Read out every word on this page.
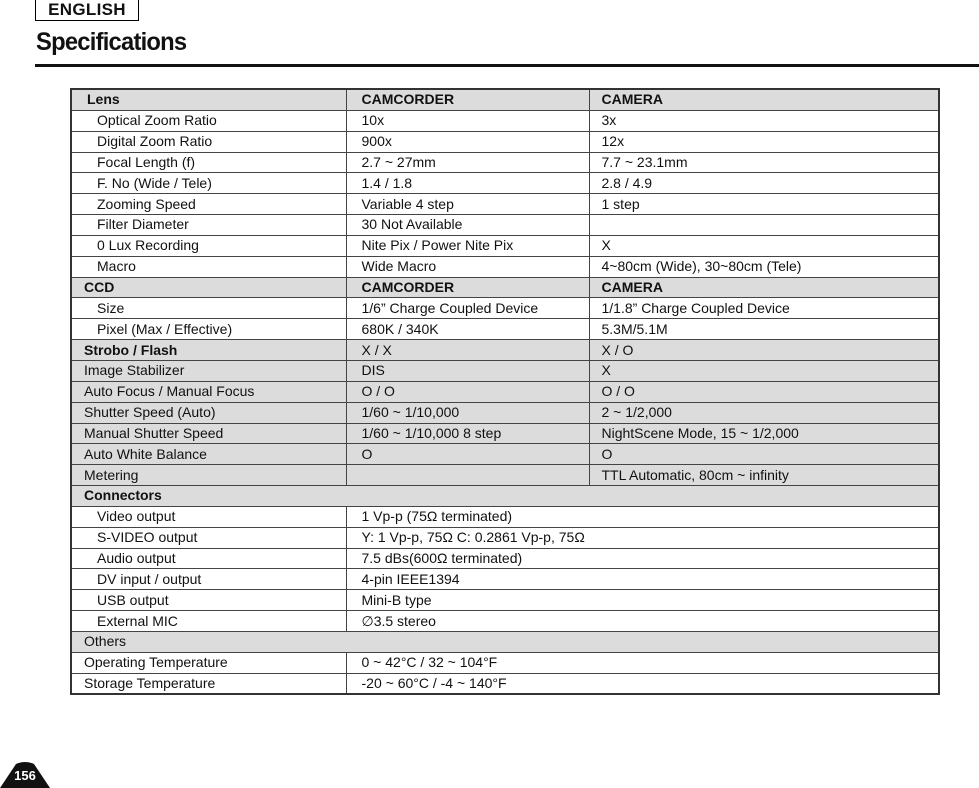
ENGLISH
Specifications
Lens	CAMCORDER	CAMERA
Optical Zoom Ratio	10x	3x
Digital Zoom Ratio	900x	12x
Focal Length (f)	2.7 ~ 27mm	7.7 ~ 23.1mm
F. No (Wide / Tele)	1.4 / 1.8	2.8 / 4.9
Zooming Speed	Variable 4 step	1 step
Filter Diameter	30 Not Available	
0 Lux Recording	Nite Pix / Power Nite Pix	X
Macro	Wide Macro	4~80cm (Wide), 30~80cm (Tele)
CCD	CAMCORDER	CAMERA
Size	1/6” Charge Coupled Device	1/1.8” Charge Coupled Device
Pixel (Max / Effective)	680K / 340K	5.3M/5.1M
Strobo / Flash	X / X	X / O
Image Stabilizer	DIS	X
Auto Focus / Manual Focus	O / O	O / O
Shutter Speed (Auto)	1/60 ~ 1/10,000	2 ~ 1/2,000
Manual Shutter Speed	1/60 ~ 1/10,000 8 step	NightScene Mode, 15 ~ 1/2,000
Auto White Balance	O	O
Metering		TTL Automatic, 80cm ~ infinity
Connectors		
Video output	1 Vp-p (75Ω terminated)	
S-VIDEO output	Y: 1 Vp-p, 75Ω C: 0.2861 Vp-p, 75Ω	
Audio output	7.5 dBs(600Ω terminated)	
DV input / output	4-pin IEEE1394	
USB output	Mini-B type	
External MIC	∅3.5 stereo	
Others		
Operating Temperature	0 ~ 42°C / 32 ~ 104°F	
Storage Temperature	-20 ~ 60°C / -4 ~ 140°F	
156
